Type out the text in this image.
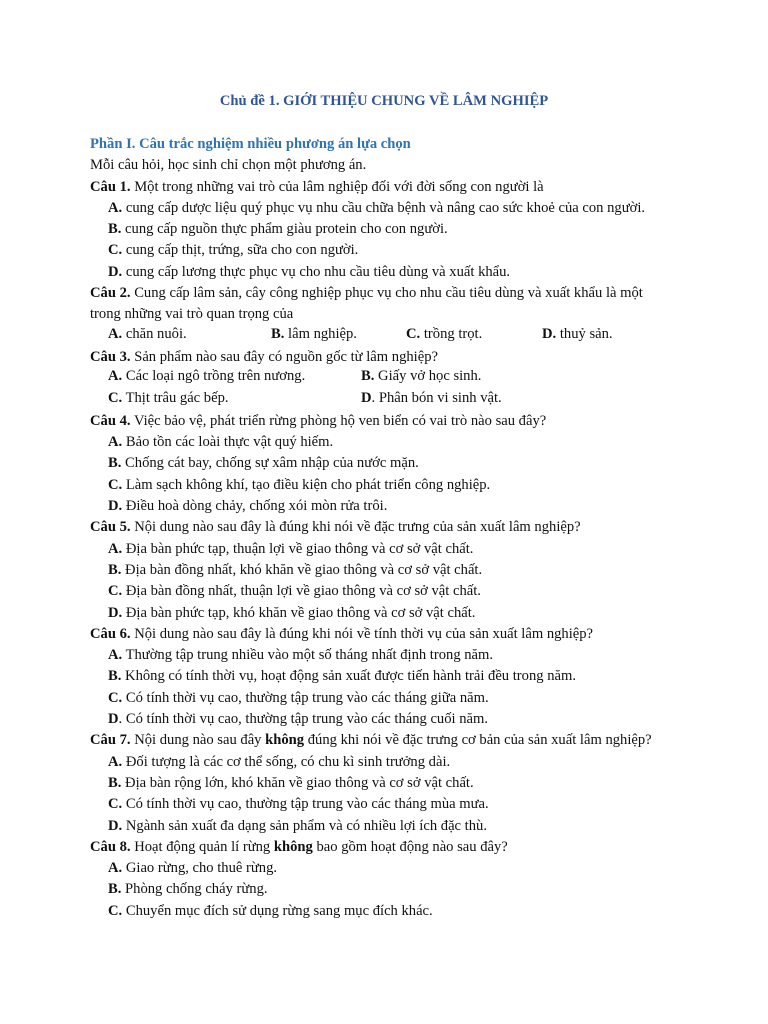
Chủ đề 1. GIỚI THIỆU CHUNG VỀ LÂM NGHIỆP
Phần I. Câu trắc nghiệm nhiều phương án lựa chọn
Mỗi câu hỏi, học sinh chỉ chọn một phương án.
Câu 1. Một trong những vai trò của lâm nghiệp đối với đời sống con người là
A. cung cấp dược liệu quý phục vụ nhu cầu chữa bệnh và nâng cao sức khoẻ của con người.
B. cung cấp nguồn thực phẩm giàu protein cho con người.
C. cung cấp thịt, trứng, sữa cho con người.
D. cung cấp lương thực phục vụ cho nhu cầu tiêu dùng và xuất khẩu.
Câu 2. Cung cấp lâm sản, cây công nghiệp phục vụ cho nhu cầu tiêu dùng và xuất khẩu là một
trong những vai trò quan trọng của
A. chăn nuôi.	B. lâm nghiệp.	C. trồng trọt.	D. thuỷ sản.
Câu 3. Sản phẩm nào sau đây có nguồn gốc từ lâm nghiệp?
A. Các loại ngô trồng trên nương.	B. Giấy vở học sinh.
C. Thịt trâu gác bếp.	D. Phân bón vi sinh vật.
Câu 4. Việc bảo vệ, phát triển rừng phòng hộ ven biển có vai trò nào sau đây?
A. Bảo tồn các loài thực vật quý hiếm.
B. Chống cát bay, chống sự xâm nhập của nước mặn.
C. Làm sạch không khí, tạo điều kiện cho phát triển công nghiệp.
D. Điều hoà dòng chảy, chống xói mòn rửa trôi.
Câu 5. Nội dung nào sau đây là đúng khi nói về đặc trưng của sản xuất lâm nghiệp?
A. Địa bàn phức tạp, thuận lợi về giao thông và cơ sở vật chất.
B. Địa bàn đồng nhất, khó khăn về giao thông và cơ sở vật chất.
C. Địa bàn đồng nhất, thuận lợi về giao thông và cơ sở vật chất.
D. Địa bàn phức tạp, khó khăn về giao thông và cơ sở vật chất.
Câu 6. Nội dung nào sau đây là đúng khi nói về tính thời vụ của sản xuất lâm nghiệp?
A. Thường tập trung nhiều vào một số tháng nhất định trong năm.
B. Không có tính thời vụ, hoạt động sản xuất được tiến hành trải đều trong năm.
C. Có tính thời vụ cao, thường tập trung vào các tháng giữa năm.
D. Có tính thời vụ cao, thường tập trung vào các tháng cuối năm.
Câu 7. Nội dung nào sau đây không đúng khi nói về đặc trưng cơ bản của sản xuất lâm nghiệp?
A. Đối tượng là các cơ thể sống, có chu kì sinh trưởng dài.
B. Địa bàn rộng lớn, khó khăn về giao thông và cơ sở vật chất.
C. Có tính thời vụ cao, thường tập trung vào các tháng mùa mưa.
D. Ngành sản xuất đa dạng sản phẩm và có nhiều lợi ích đặc thù.
Câu 8. Hoạt động quản lí rừng không bao gồm hoạt động nào sau đây?
A. Giao rừng, cho thuê rừng.
B. Phòng chống cháy rừng.
C. Chuyển mục đích sử dụng rừng sang mục đích khác.
